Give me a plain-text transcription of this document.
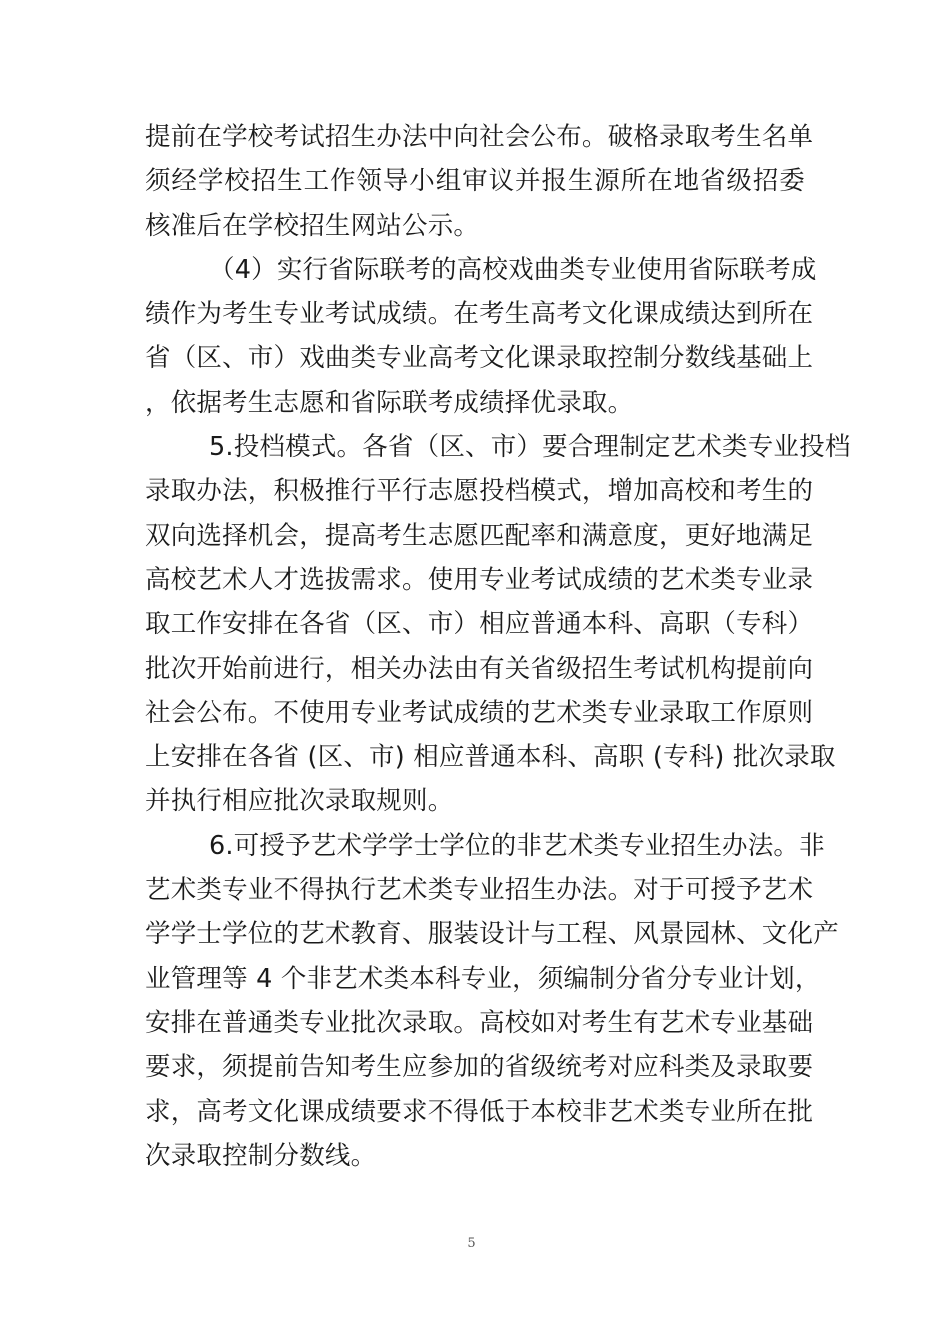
提前在学校考试招生办法中向社会公布。破格录取考生名单
须经学校招生工作领导小组审议并报生源所在地省级招委
核准后在学校招生网站公示。
（4）实行省际联考的高校戏曲类专业使用省际联考成
绩作为考生专业考试成绩。在考生高考文化课成绩达到所在
省（区、市）戏曲类专业高考文化课录取控制分数线基础上
，依据考生志愿和省际联考成绩择优录取。
5.投档模式。各省（区、市）要合理制定艺术类专业投档
录取办法，积极推行平行志愿投档模式，增加高校和考生的
双向选择机会，提高考生志愿匹配率和满意度，更好地满足
高校艺术人才选拔需求。使用专业考试成绩的艺术类专业录
取工作安排在各省（区、市）相应普通本科、高职（专科）
批次开始前进行，相关办法由有关省级招生考试机构提前向
社会公布。不使用专业考试成绩的艺术类专业录取工作原则
上安排在各省 (区、市) 相应普通本科、高职 (专科) 批次录取
并执行相应批次录取规则。
6.可授予艺术学学士学位的非艺术类专业招生办法。非
艺术类专业不得执行艺术类专业招生办法。对于可授予艺术
学学士学位的艺术教育、服装设计与工程、风景园林、文化产
业管理等 4 个非艺术类本科专业，须编制分省分专业计划，
安排在普通类专业批次录取。高校如对考生有艺术专业基础
要求，须提前告知考生应参加的省级统考对应科类及录取要
求，高考文化课成绩要求不得低于本校非艺术类专业所在批
次录取控制分数线。
5
